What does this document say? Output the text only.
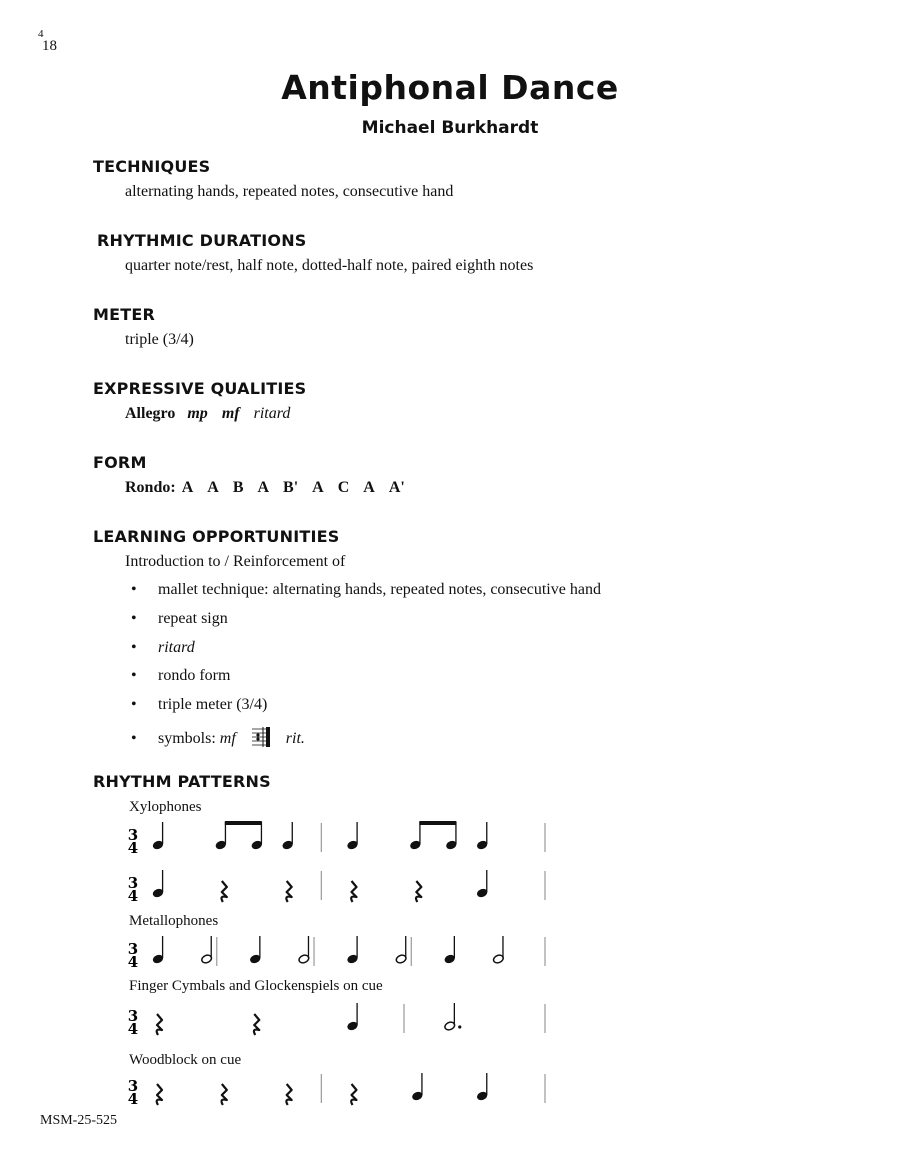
4
18
Antiphonal Dance
Michael Burkhardt
TECHNIQUES
alternating hands, repeated notes, consecutive hand
RHYTHMIC DURATIONS
quarter note/rest, half note, dotted-half note, paired eighth notes
METER
triple (3/4)
EXPRESSIVE QUALITIES
Allegro mp mf ritard
FORM
Rondo: A A B A B' A C A A'
LEARNING OPPORTUNITIES
Introduction to / Reinforcement of
• mallet technique: alternating hands, repeated notes, consecutive hand
• repeat sign
• ritard
• rondo form
• triple meter (3/4)
• symbols: mf	rit.
RHYTHM PATTERNS
Xylophones
3
4
3
4
Metallophones
3
4
Finger Cymbals and Glockenspiels on cue
3
4
Woodblock on cue
3
4
MSM-25-525
